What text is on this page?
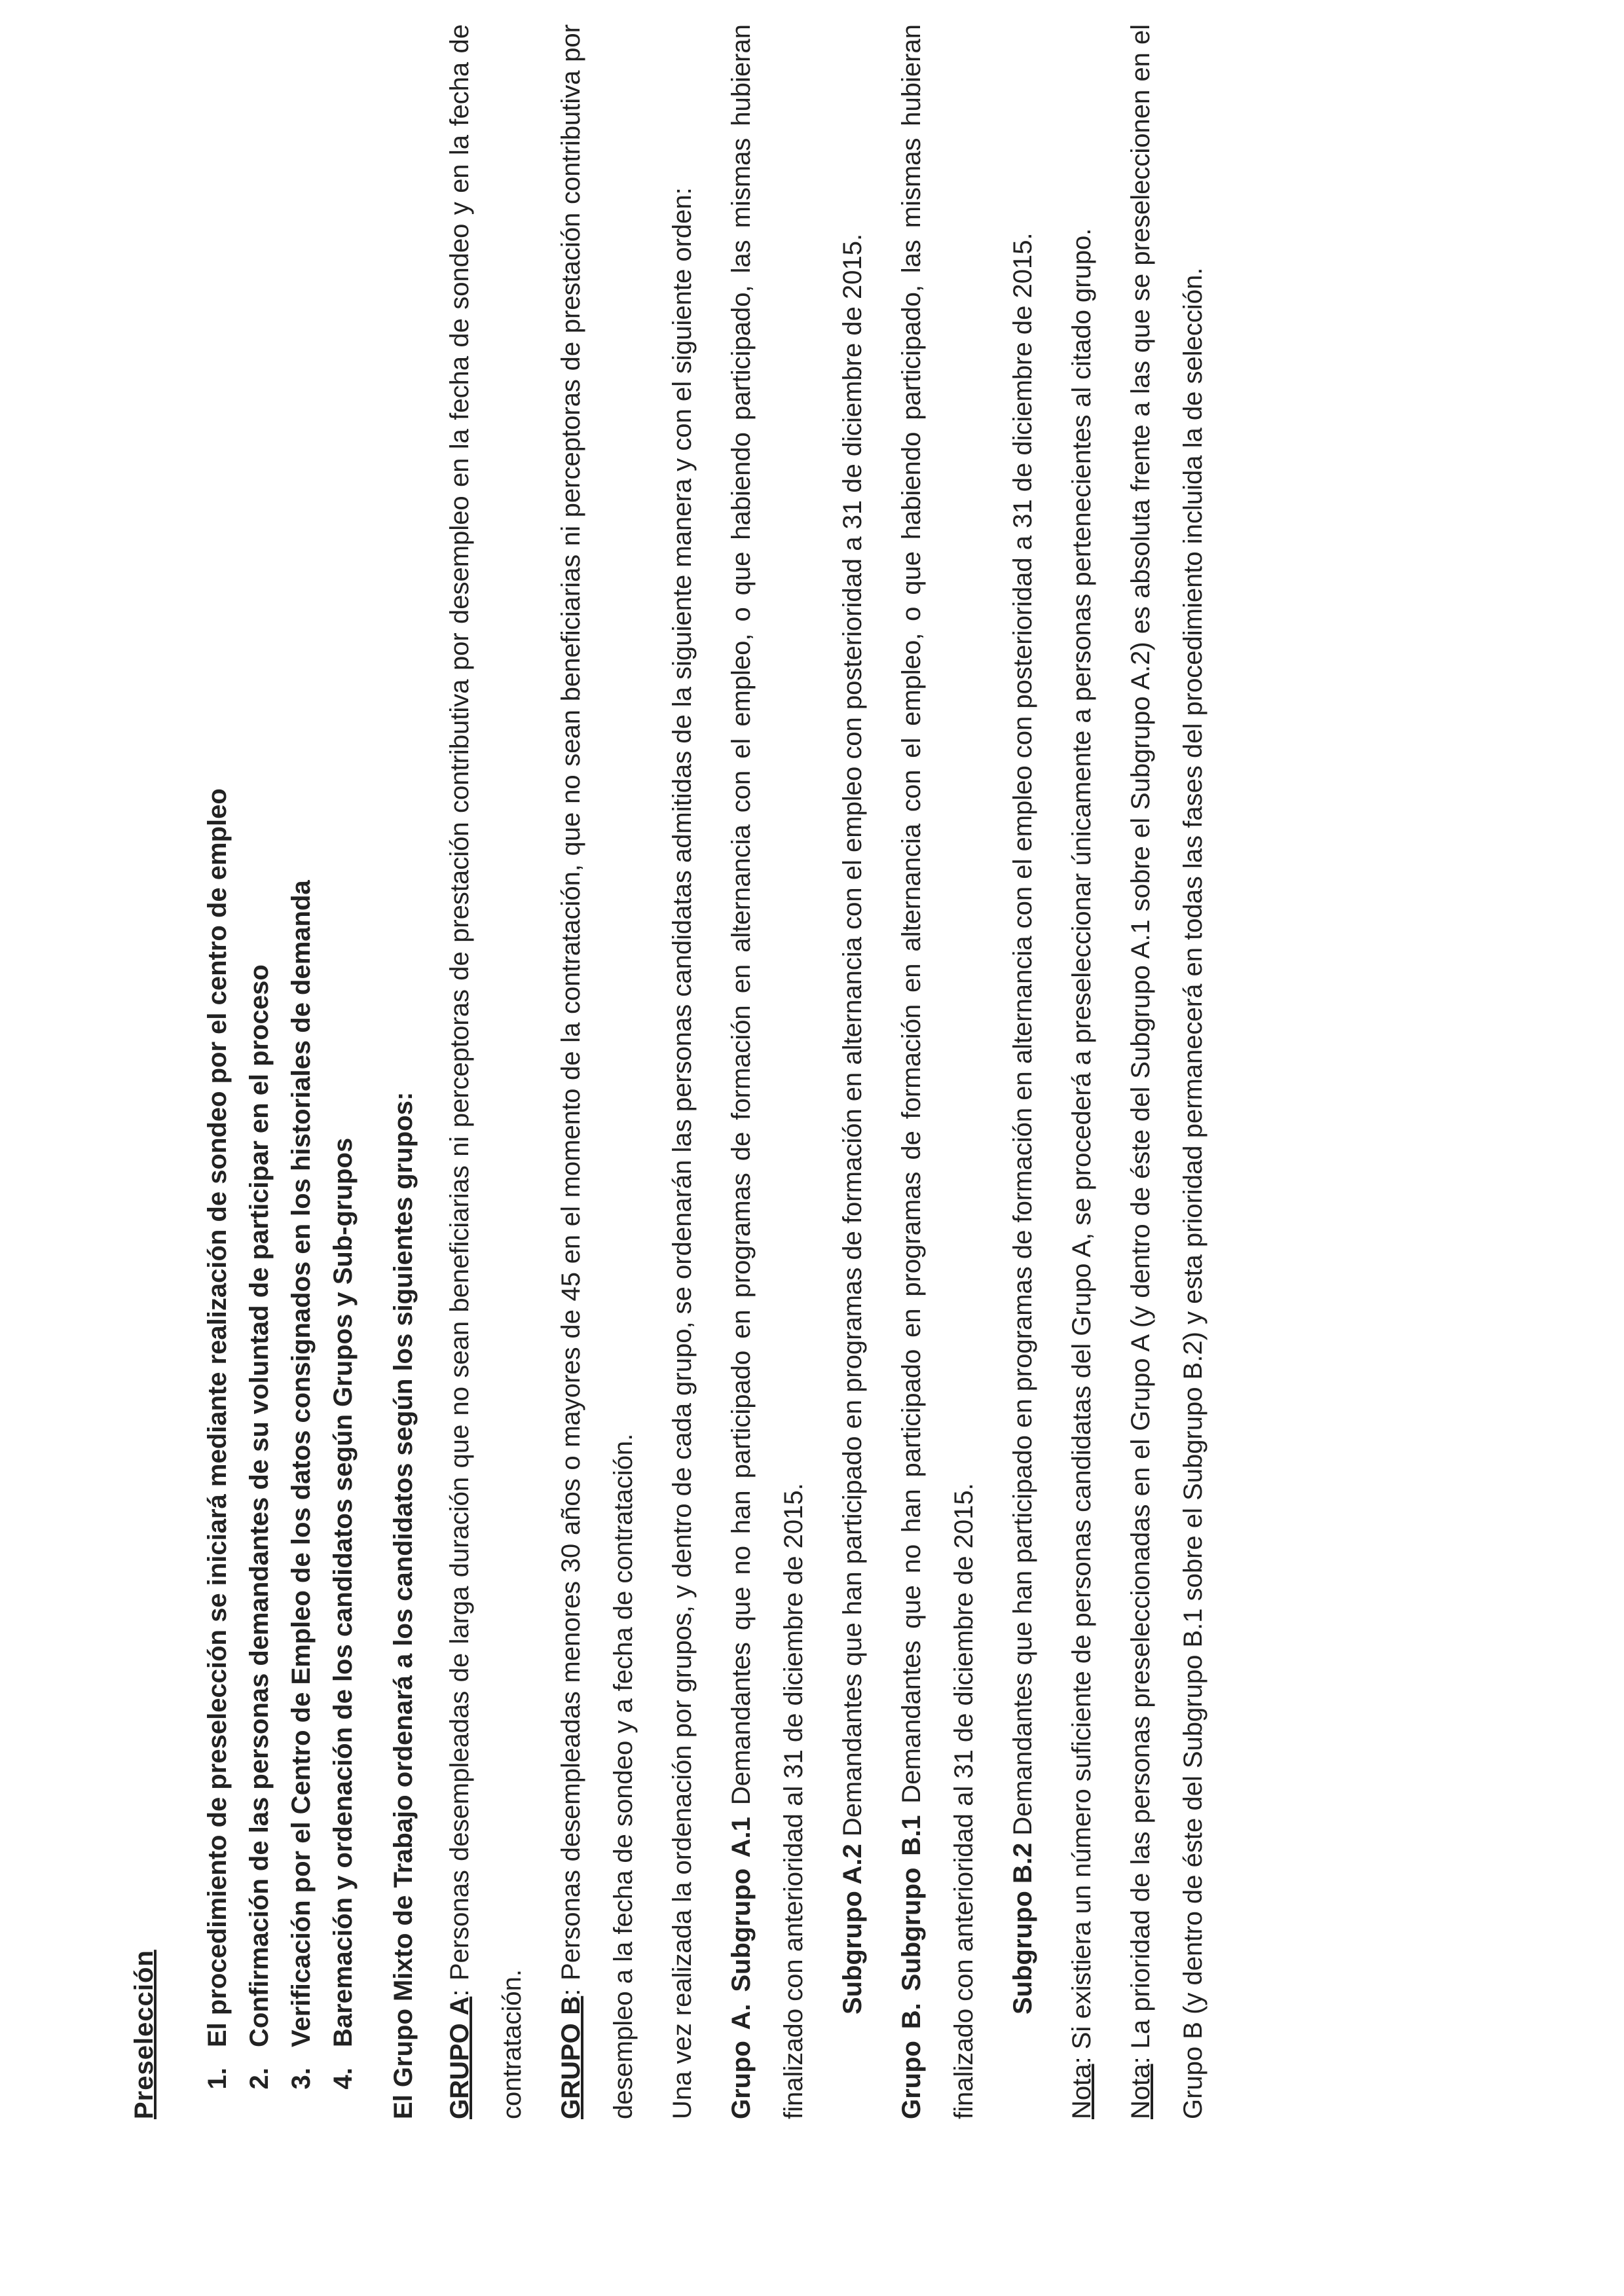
Preselección	1. El procedimiento de preselección se iniciará mediante realización de sondeo por el centro de empleo 2. Confirmación de las personas demandantes de su voluntad de participar en el proceso 3. Verificación por el Centro de Empleo de los datos consignados en los historiales de demanda 4. Baremación y ordenación de los candidatos según Grupos y Sub-grupos	El Grupo Mixto de Trabajo ordenará a los candidatos según los siguientes grupos:	GRUPO A: Personas desempleadas de larga duración que no sean beneficiarias ni perceptoras de prestación contributiva por desempleo en la fecha de sondeo y en la fecha de contratación.	GRUPO B: Personas desempleadas menores 30 años o mayores de 45 en el momento de la contratación, que no sean beneficiarias ni perceptoras de prestación contributiva por desempleo a la fecha de sondeo y a fecha de contratación.	Una vez realizada la ordenación por grupos, y dentro de cada grupo, se ordenarán las personas candidatas admitidas de la siguiente manera y con el siguiente orden:	Grupo A. Subgrupo A.1 Demandantes que no han participado en programas de formación en alternancia con el empleo, o que habiendo participado, las mismas hubieran finalizado con anterioridad al 31 de diciembre de 2015.	Subgrupo A.2 Demandantes que han participado en programas de formación en alternancia con el empleo con posterioridad a 31 de diciembre de 2015.

Grupo B. Subgrupo B.1 Demandantes que no han participado en programas de formación en alternancia con el empleo, o que habiendo participado, las mismas hubieran finalizado con anterioridad al 31 de diciembre de 2015.	Subgrupo B.2 Demandantes que han participado en programas de formación en alternancia con el empleo con posterioridad a 31 de diciembre de 2015.

Nota: Si existiera un número suficiente de personas candidatas del Grupo A, se procederá a preseleccionar únicamente a personas pertenecientes al citado grupo.

Nota: La prioridad de las personas preseleccionadas en el Grupo A (y dentro de éste del Subgrupo A.1 sobre el Subgrupo A.2) es absoluta frente a las que se preseleccionen en el Grupo B (y dentro de éste del Subgrupo B.1 sobre el Subgrupo B.2) y esta prioridad permanecerá en todas las fases del procedimiento incluida la de selección.
